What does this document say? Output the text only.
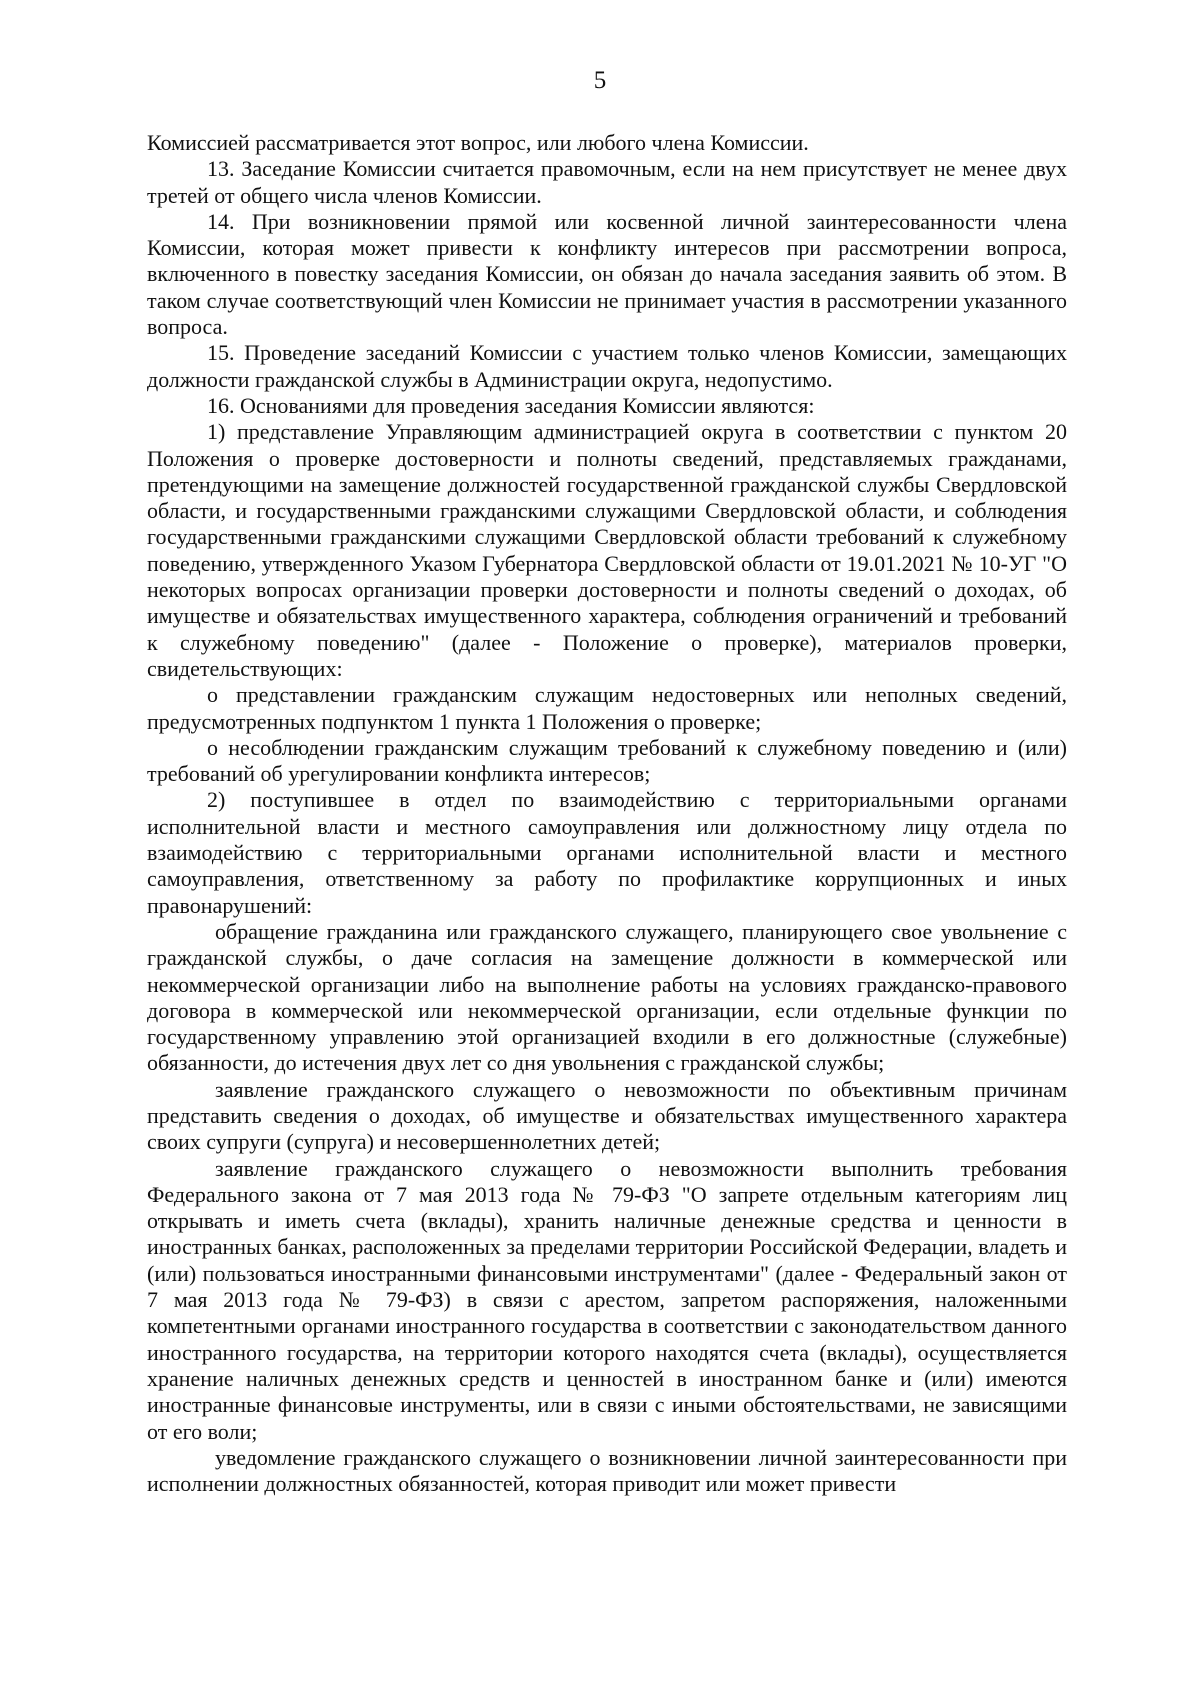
5

Комиссией рассматривается этот вопрос, или любого члена Комиссии.

13. Заседание Комиссии считается правомочным, если на нем присутствует не менее двух третей от общего числа членов Комиссии.

14. При возникновении прямой или косвенной личной заинтересованности члена Комиссии, которая может привести к конфликту интересов при рассмотрении вопроса, включенного в повестку заседания Комиссии, он обязан до начала заседания заявить об этом. В таком случае соответствующий член Комиссии не принимает участия в рассмотрении указанного вопроса.

15. Проведение заседаний Комиссии с участием только членов Комиссии, замещающих должности гражданской службы в Администрации округа, недопустимо.

16. Основаниями для проведения заседания Комиссии являются:

1) представление Управляющим администрацией округа в соответствии с пунктом 20 Положения о проверке достоверности и полноты сведений, представляемых гражданами, претендующими на замещение должностей государственной гражданской службы Свердловской области, и государственными гражданскими служащими Свердловской области, и соблюдения государственными гражданскими служащими Свердловской области требований к служебному поведению, утвержденного Указом Губернатора Свердловской области от 19.01.2021 № 10-УГ "О некоторых вопросах организации проверки достоверности и полноты сведений о доходах, об имуществе и обязательствах имущественного характера, соблюдения ограничений и требований к служебному поведению" (далее - Положение о проверке), материалов проверки, свидетельствующих:

о представлении гражданским служащим недостоверных или неполных сведений, предусмотренных подпунктом 1 пункта 1 Положения о проверке;

о несоблюдении гражданским служащим требований к служебному поведению и (или) требований об урегулировании конфликта интересов;

2) поступившее в отдел по взаимодействию с территориальными органами исполнительной власти и местного самоуправления или должностному лицу отдела по взаимодействию с территориальными органами исполнительной власти и местного самоуправления, ответственному за работу по профилактике коррупционных и иных правонарушений:

обращение гражданина или гражданского служащего, планирующего свое увольнение с гражданской службы, о даче согласия на замещение должности в коммерческой или некоммерческой организации либо на выполнение работы на условиях гражданско-правового договора в коммерческой или некоммерческой организации, если отдельные функции по государственному управлению этой организацией входили в его должностные (служебные) обязанности, до истечения двух лет со дня увольнения с гражданской службы;

заявление гражданского служащего о невозможности по объективным причинам представить сведения о доходах, об имуществе и обязательствах имущественного характера своих супруги (супруга) и несовершеннолетних детей;

заявление гражданского служащего о невозможности выполнить требования Федерального закона от 7 мая 2013 года № 79-ФЗ "О запрете отдельным категориям лиц открывать и иметь счета (вклады), хранить наличные денежные средства и ценности в иностранных банках, расположенных за пределами территории Российской Федерации, владеть и (или) пользоваться иностранными финансовыми инструментами" (далее - Федеральный закон от 7 мая 2013 года № 79-ФЗ) в связи с арестом, запретом распоряжения, наложенными компетентными органами иностранного государства в соответствии с законодательством данного иностранного государства, на территории которого находятся счета (вклады), осуществляется хранение наличных денежных средств и ценностей в иностранном банке и (или) имеются иностранные финансовые инструменты, или в связи с иными обстоятельствами, не зависящими от его воли;

уведомление гражданского служащего о возникновении личной заинтересованности при исполнении должностных обязанностей, которая приводит или может привести
